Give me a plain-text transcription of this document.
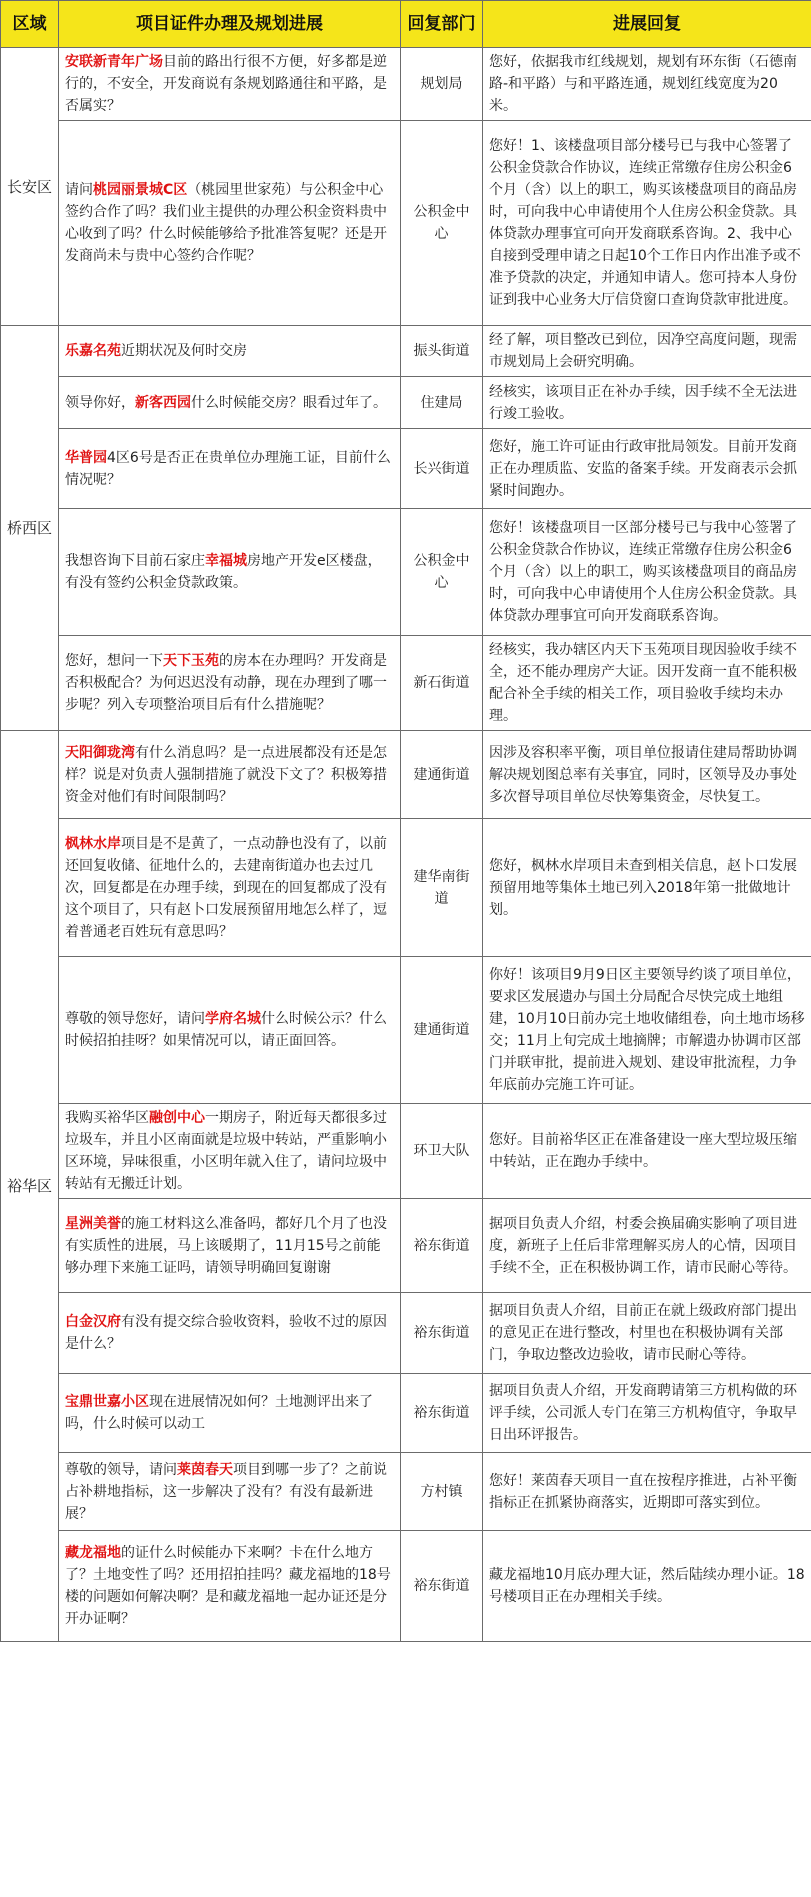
区域	项目证件办理及规划进展	回复部门	进展回复
长安区	安联新青年广场目前的路出行很不方便，好多都是逆行的，不安全，开发商说有条规划路通往和平路，是否属实？	规划局	您好，依据我市红线规划，规划有环东街（石德南路-和平路）与和平路连通，规划红线宽度为20米。
	请问桃园丽景城C区（桃园里世家苑）与公积金中心签约合作了吗？我们业主提供的办理公积金资料贵中心收到了吗？什么时候能够给予批准答复呢？还是开发商尚未与贵中心签约合作呢？	公积金中心	您好！1、该楼盘项目部分楼号已与我中心签署了公积金贷款合作协议，连续正常缴存住房公积金6个月（含）以上的职工，购买该楼盘项目的商品房时，可向我中心申请使用个人住房公积金贷款。具体贷款办理事宜可向开发商联系咨询。2、我中心自接到受理申请之日起10个工作日内作出准予或不准予贷款的决定，并通知申请人。您可持本人身份证到我中心业务大厅信贷窗口查询贷款审批进度。
桥西区	乐嘉名苑近期状况及何时交房	振头街道	经了解，项目整改已到位，因净空高度问题，现需市规划局上会研究明确。
	领导你好，新客西园什么时候能交房？眼看过年了。	住建局	经核实，该项目正在补办手续，因手续不全无法进行竣工验收。
	华普园4区6号是否正在贵单位办理施工证，目前什么情况呢？	长兴街道	您好，施工许可证由行政审批局领发。目前开发商正在办理质监、安监的备案手续。开发商表示会抓紧时间跑办。
	我想咨询下目前石家庄幸福城房地产开发e区楼盘，有没有签约公积金贷款政策。	公积金中心	您好！该楼盘项目一区部分楼号已与我中心签署了公积金贷款合作协议，连续正常缴存住房公积金6个月（含）以上的职工，购买该楼盘项目的商品房时，可向我中心申请使用个人住房公积金贷款。具体贷款办理事宜可向开发商联系咨询。
	您好，想问一下天下玉苑的房本在办理吗？开发商是否积极配合？为何迟迟没有动静，现在办理到了哪一步呢？列入专项整治项目后有什么措施呢？	新石街道	经核实，我办辖区内天下玉苑项目现因验收手续不全，还不能办理房产大证。因开发商一直不能积极配合补全手续的相关工作，项目验收手续均未办理。
裕华区	天阳御珑湾有什么消息吗？是一点进展都没有还是怎样？说是对负责人强制措施了就没下文了？积极筹措资金对他们有时间限制吗？	建通街道	因涉及容积率平衡，项目单位报请住建局帮助协调解决规划图总率有关事宜，同时，区领导及办事处多次督导项目单位尽快筹集资金，尽快复工。
	枫林水岸项目是不是黄了，一点动静也没有了，以前还回复收储、征地什么的，去建南街道办也去过几次，回复都是在办理手续，到现在的回复都成了没有这个项目了，只有赵卜口发展预留用地怎么样了，逗着普通老百姓玩有意思吗？	建华南街道	您好，枫林水岸项目未查到相关信息，赵卜口发展预留用地等集体土地已列入2018年第一批做地计划。
	尊敬的领导您好，请问学府名城什么时候公示？什么时候招拍挂呀？如果情况可以，请正面回答。	建通街道	你好！该项目9月9日区主要领导约谈了项目单位，要求区发展遗办与国土分局配合尽快完成土地组建，10月10日前办完土地收储组卷，向土地市场移交；11月上旬完成土地摘牌；市解遗办协调市区部门并联审批，提前进入规划、建设审批流程，力争年底前办完施工许可证。
	我购买裕华区融创中心一期房子，附近每天都很多过垃圾车，并且小区南面就是垃圾中转站，严重影响小区环境，异味很重，小区明年就入住了，请问垃圾中转站有无搬迁计划。	环卫大队	您好。目前裕华区正在准备建设一座大型垃圾压缩中转站，正在跑办手续中。
	星洲美誉的施工材料这么准备吗，都好几个月了也没有实质性的进展，马上该暖期了，11月15号之前能够办理下来施工证吗，请领导明确回复谢谢	裕东街道	据项目负责人介绍，村委会换届确实影响了项目进度，新班子上任后非常理解买房人的心情，因项目手续不全，正在积极协调工作，请市民耐心等待。
	白金汉府有没有提交综合验收资料，验收不过的原因是什么？	裕东街道	据项目负责人介绍，目前正在就上级政府部门提出的意见正在进行整改，村里也在积极协调有关部门，争取边整改边验收，请市民耐心等待。
	宝鼎世嘉小区现在进展情况如何？土地测评出来了吗，什么时候可以动工	裕东街道	据项目负责人介绍，开发商聘请第三方机构做的环评手续，公司派人专门在第三方机构值守，争取早日出环评报告。
	尊敬的领导，请问莱茵春天项目到哪一步了？之前说占补耕地指标，这一步解决了没有？有没有最新进展？	方村镇	您好！莱茵春天项目一直在按程序推进，占补平衡指标正在抓紧协商落实，近期即可落实到位。
	藏龙福地的证什么时候能办下来啊？卡在什么地方了？土地变性了吗？还用招拍挂吗？藏龙福地的18号楼的问题如何解决啊？是和藏龙福地一起办证还是分开办证啊？	裕东街道	藏龙福地10月底办理大证，然后陆续办理小证。18号楼项目正在办理相关手续。
